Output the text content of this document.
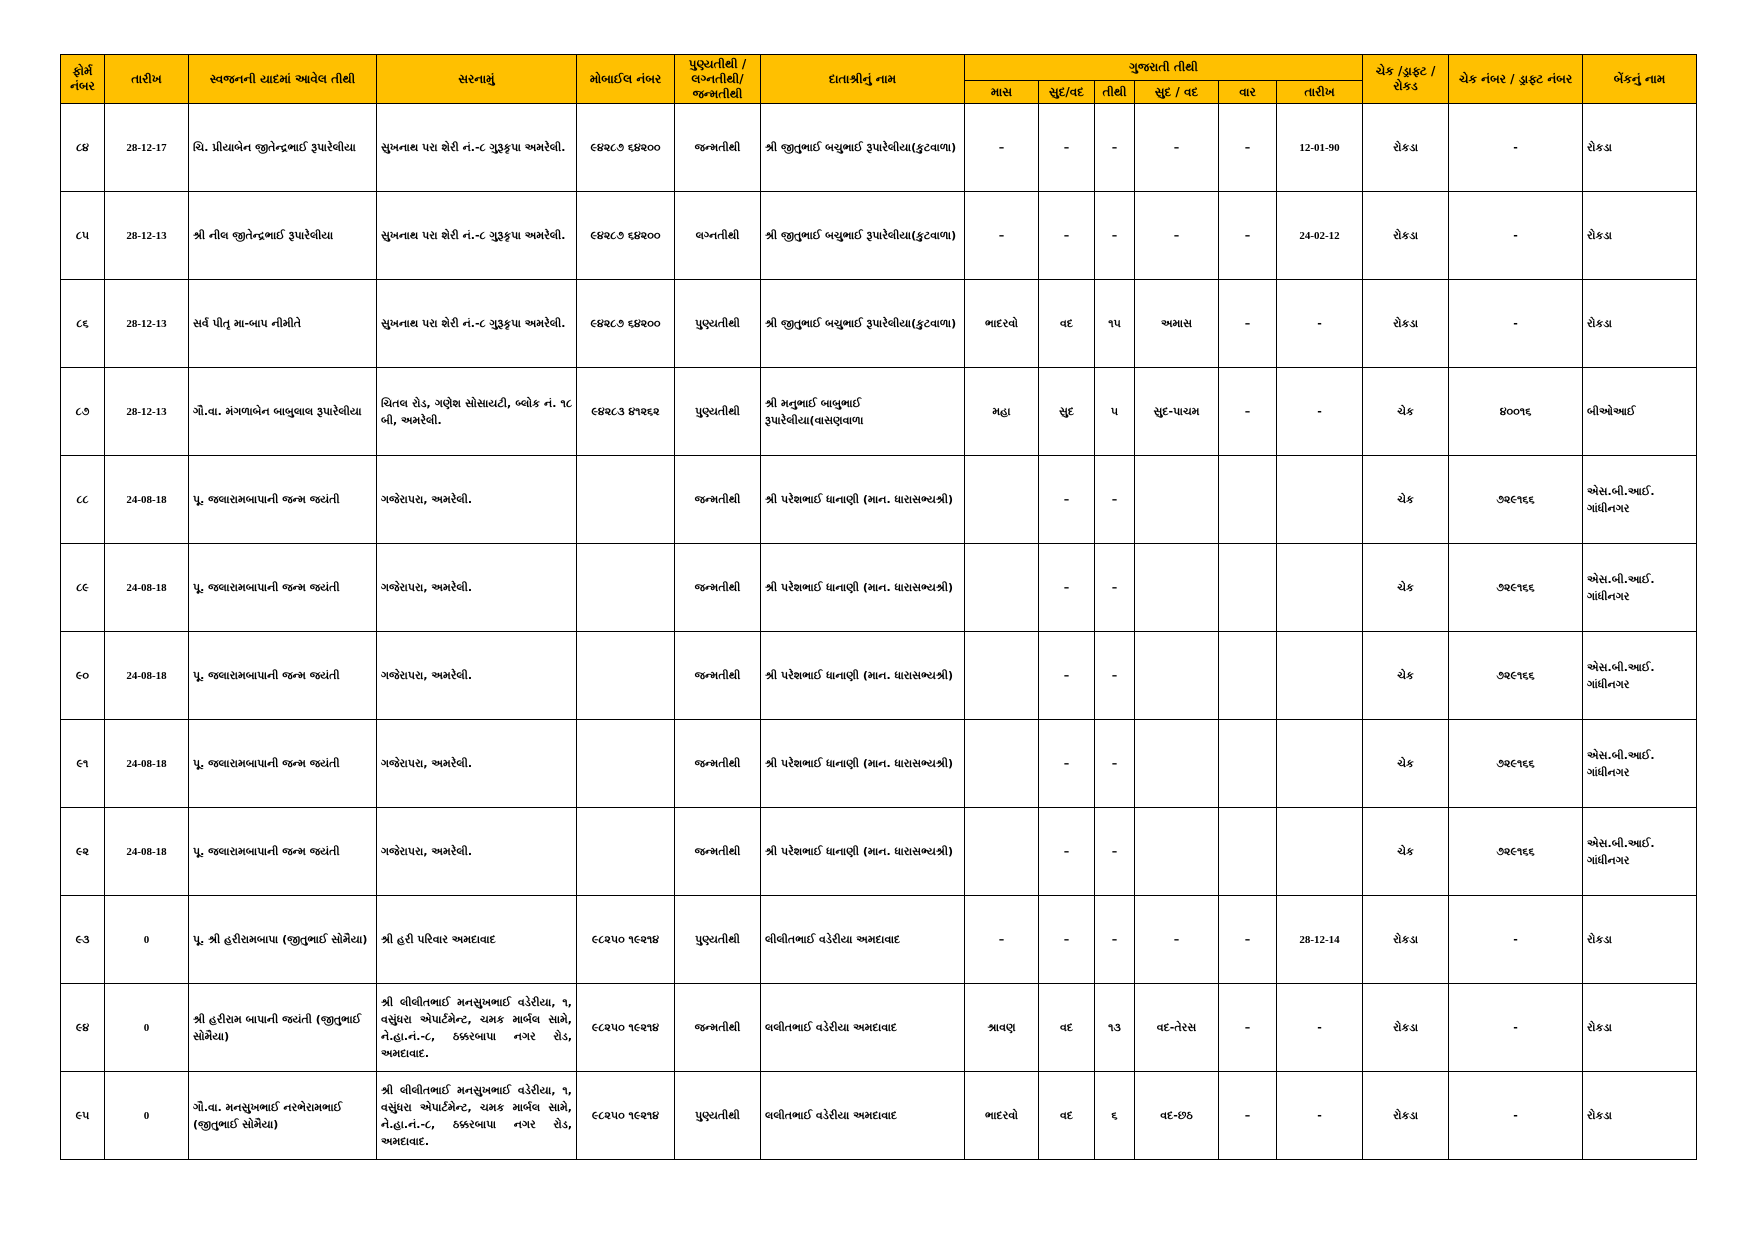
ફોર્મ નંબર	તારીખ	સ્વજનની યાદમાં આવેલ તીથી	સરનામું	મોબાઈલ નંબર	પુણ્યતીથી / લગ્નતીથી/ જન્મતીથી	દાતાશ્રીનું નામ	ગુજરાતી તીથી						ચેક /ડ્રાફ્ટ / રોકડ	ચેક નંબર / ડ્રાફ્ટ નંબર	બેંકનું નામ
							માસ	સુદ/વદ	તીથી	સુદ / વદ	વાર	તારીખ			
૮૪	28-12-17	ચિ. પ્રીયાબેન જીતેન્દ્રભાઈ રૂપારેલીયા	સુખનાથ પરા શેરી નં.-૮ ગુરૂકૃપા અમરેલી.	૯૪૨૮૭ ૬૪૨૦૦	જન્મતીથી	શ્રી જીતુભાઈ બચુભાઈ રૂપારેલીયા(કુટવાળા)	–	–	–	–	–	12-01-90	રોકડા	-	રોકડા
૮૫	28-12-13	શ્રી નીલ જીતેન્દ્રભાઈ રૂપારેલીયા	સુખનાથ પરા શેરી નં.-૮ ગુરૂકૃપા અમરેલી.	૯૪૨૮૭ ૬૪૨૦૦	લગ્નતીથી	શ્રી જીતુભાઈ બચુભાઈ રૂપારેલીયા(કુટવાળા)	–	–	–	–	–	24-02-12	રોકડા	-	રોકડા
૮૬	28-12-13	સર્વ પીતૃ મા-બાપ નીમીતે	સુખનાથ પરા શેરી નં.-૮ ગુરૂકૃપા અમરેલી.	૯૪૨૮૭ ૬૪૨૦૦	પુણ્યતીથી	શ્રી જીતુભાઈ બચુભાઈ રૂપારેલીયા(કુટવાળા)	ભાદરવો	વદ	૧૫	અમાસ	–	-	રોકડા	-	રોકડા
૮૭	28-12-13	ગૌ.વા. મંગળાબેન બાબુલાલ રૂપારેલીયા	ચિતલ રોડ, ગણેશ સોસાયટી, બ્લોક નં. ૧૮ બી, અમરેલી.	૯૪૨૮૩ ૪૧૨૬૨	પુણ્યતીથી	શ્રી મનુભાઈ બાબુભાઈ રૂપારેલીયા(વાસણવાળા	મહા	સુદ	૫	સુદ-પાચમ	–	-	ચેક	૪૦૦૧૬	બીઓઆઈ
૮૮	24-08-18	પૂ. જલારામબાપાની જન્મ જયંતી	ગજેરાપરા, અમરેલી.		જન્મતીથી	શ્રી પરેશભાઈ ધાનાણી (માન. ધારાસભ્યશ્રી)		–	–				ચેક	૭૨૯૧૬૬	એસ.બી.આઈ. ગાંધીનગર
૮૯	24-08-18	પૂ. જલારામબાપાની જન્મ જયંતી	ગજેરાપરા, અમરેલી.		જન્મતીથી	શ્રી પરેશભાઈ ધાનાણી (માન. ધારાસભ્યશ્રી)		–	–				ચેક	૭૨૯૧૬૬	એસ.બી.આઈ. ગાંધીનગર
૯૦	24-08-18	પૂ. જલારામબાપાની જન્મ જયંતી	ગજેરાપરા, અમરેલી.		જન્મતીથી	શ્રી પરેશભાઈ ધાનાણી (માન. ધારાસભ્યશ્રી)		–	–				ચેક	૭૨૯૧૬૬	એસ.બી.આઈ. ગાંધીનગર
૯૧	24-08-18	પૂ. જલારામબાપાની જન્મ જયંતી	ગજેરાપરા, અમરેલી.		જન્મતીથી	શ્રી પરેશભાઈ ધાનાણી (માન. ધારાસભ્યશ્રી)		–	–				ચેક	૭૨૯૧૬૬	એસ.બી.આઈ. ગાંધીનગર
૯૨	24-08-18	પૂ. જલારામબાપાની જન્મ જયંતી	ગજેરાપરા, અમરેલી.		જન્મતીથી	શ્રી પરેશભાઈ ધાનાણી (માન. ધારાસભ્યશ્રી)		–	–				ચેક	૭૨૯૧૬૬	એસ.બી.આઈ. ગાંધીનગર
૯૩	0	પૂ. શ્રી હરીરામબાપા (જીતુભાઈ સોમૈયા)	શ્રી હરી પરિવાર અમદાવાદ	૯૮૨૫૦ ૧૯૨૧૪	પુણ્યતીથી	લીલીતભાઈ વડેરીયા અમદાવાદ	–	–	–	–	–	28-12-14	રોકડા	-	રોકડા
૯૪	0	શ્રી હરીરામ બાપાની જયંતી (જીતુભાઈ સોમૈયા)	શ્રી લીલીતભાઈ મનસુખભાઈ વડેરીયા, ૧, વસુંધરા એપાર્ટમેન્ટ, ચમક માર્બલ સામે, ને.હા.નં.-૮, ઠક્કરબાપા નગર રોડ, અમદાવાદ.	૯૮૨૫૦ ૧૯૨૧૪	જન્મતીથી	લલીતભાઈ વડેરીયા અમદાવાદ	શ્રાવણ	વદ	૧૩	વદ-તેરસ	–	-	રોકડા	-	રોકડા
૯૫	0	ગૌ.વા. મનસુખભાઈ નરભેરામભાઈ (જીતુભાઈ સોમૈયા)	શ્રી લીલીતભાઈ મનસુખભાઈ વડેરીયા, ૧, વસુંધરા એપાર્ટમેન્ટ, ચમક માર્બલ સામે, ને.હા.નં.-૮, ઠક્કરબાપા નગર રોડ, અમદાવાદ.	૯૮૨૫૦ ૧૯૨૧૪	પુણ્યતીથી	લલીતભાઈ વડેરીયા અમદાવાદ	ભાદરવો	વદ	૬	વદ-છઠ	–	-	રોકડા	-	રોકડા
